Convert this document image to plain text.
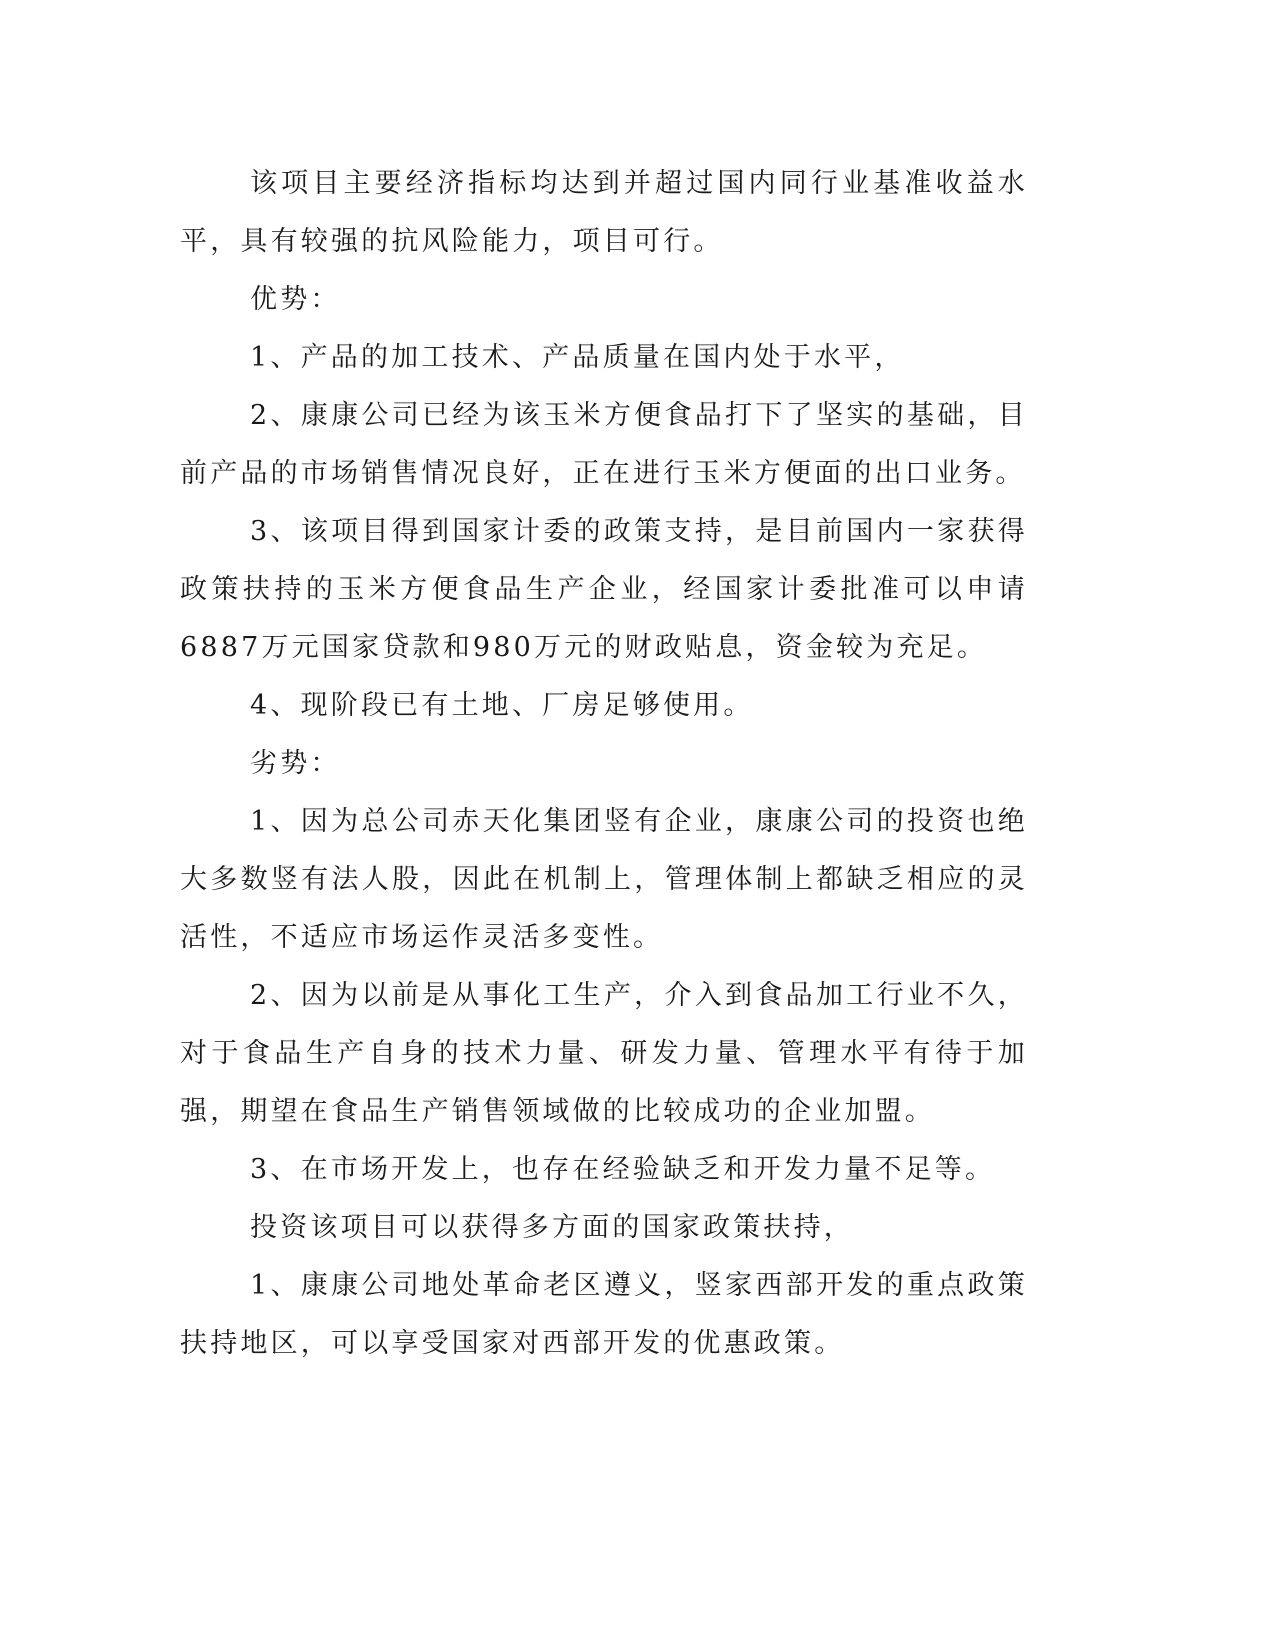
该项目主要经济指标均达到并超过国内同行业基准收益水平，具有较强的抗风险能力，项目可行。

优势：

1、产品的加工技术、产品质量在国内处于水平，

2、康康公司已经为该玉米方便食品打下了坚实的基础，目前产品的市场销售情况良好，正在进行玉米方便面的出口业务。

3、该项目得到国家计委的政策支持，是目前国内一家获得政策扶持的玉米方便食品生产企业，经国家计委批准可以申请6887万元国家贷款和980万元的财政贴息，资金较为充足。

4、现阶段已有土地、厂房足够使用。

劣势：

1、因为总公司赤天化集团竖有企业，康康公司的投资也绝大多数竖有法人股，因此在机制上，管理体制上都缺乏相应的灵活性，不适应市场运作灵活多变性。

2、因为以前是从事化工生产，介入到食品加工行业不久，对于食品生产自身的技术力量、研发力量、管理水平有待于加强，期望在食品生产销售领域做的比较成功的企业加盟。

3、在市场开发上，也存在经验缺乏和开发力量不足等。

投资该项目可以获得多方面的国家政策扶持，

1、康康公司地处革命老区遵义，竖家西部开发的重点政策扶持地区，可以享受国家对西部开发的优惠政策。
